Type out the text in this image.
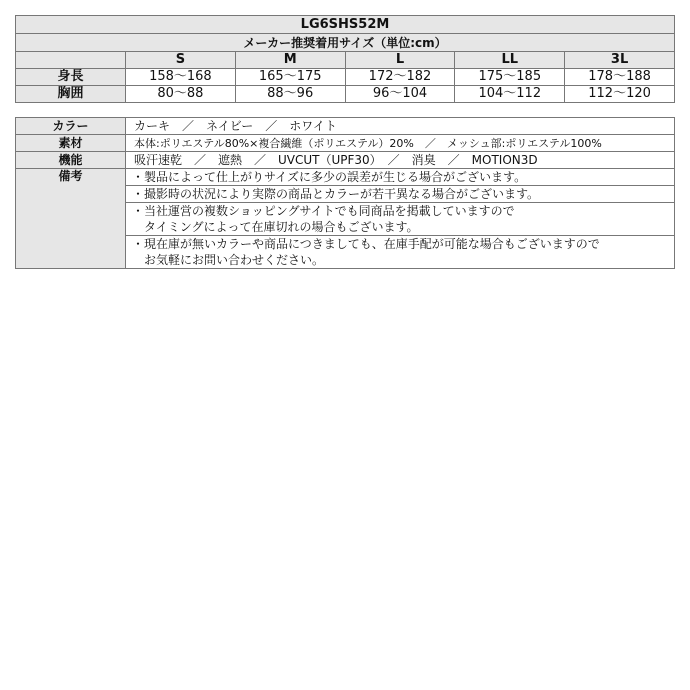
LG6SHS52M					
メーカー推奨着用サイズ（単位:cm）					
	S	M	L	LL	3L
身長	158～168	165～175	172～182	175～185	178～188
胸囲	80～88	88～96	96～104	104～112	112～120
カラー	カーキ　／　ネイビー　／　ホワイト
素材	本体:ポリエステル80%×複合繊維（ポリエステル）20%　／　メッシュ部:ポリエステル100%
機能	吸汗速乾　／　遮熱　／　UVCUT（UPF30）　／　消臭　／　MOTION3D
備考	・製品によって仕上がりサイズに多少の誤差が生じる場合がございます。

	・撮影時の状況により実際の商品とカラーが若干異なる場合がございます。

	・当社運営の複数ショッピングサイトでも同商品を掲載していますので
　タイミングによって在庫切れの場合もございます。

	・現在庫が無いカラーや商品につきましても、在庫手配が可能な場合もございますので
　お気軽にお問い合わせください。
